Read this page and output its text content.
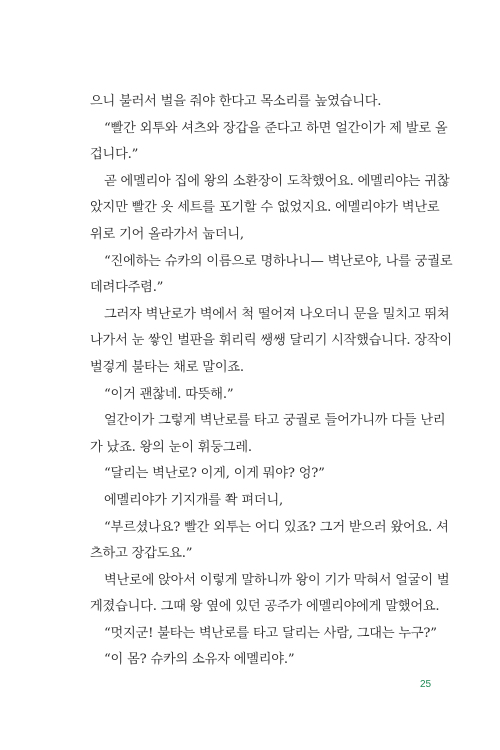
으니 불러서 벌을 줘야 한다고 목소리를 높였습니다.
“빨간 외투와 셔츠와 장갑을 준다고 하면 얼간이가 제 발로 올
겁니다.”
곧 에멜리아 집에 왕의 소환장이 도착했어요. 에멜리야는 귀찮
았지만 빨간 옷 세트를 포기할 수 없었지요. 에멜리야가 벽난로
위로 기어 올라가서 눕더니,
“진에하는 슈카의 이름으로 명하나니— 벽난로야, 나를 궁궐로
데려다주렴.”
그러자 벽난로가 벽에서 척 떨어져 나오더니 문을 밀치고 뛰쳐
나가서 눈 쌓인 벌판을 휘리릭 쌩쌩 달리기 시작했습니다. 장작이
벌겋게 불타는 채로 말이죠.
“이거 괜찮네. 따뜻해.”
얼간이가 그렇게 벽난로를 타고 궁궐로 들어가니까 다들 난리
가 났죠. 왕의 눈이 휘둥그레.
“달리는 벽난로? 이게, 이게 뭐야? 엉?”
에멜리야가 기지개를 쫙 펴더니,
“부르셨나요? 빨간 외투는 어디 있죠? 그거 받으러 왔어요. 셔
츠하고 장갑도요.”
벽난로에 앉아서 이렇게 말하니까 왕이 기가 막혀서 얼굴이 벌
게졌습니다. 그때 왕 옆에 있던 공주가 에멜리야에게 말했어요.
“멋지군! 불타는 벽난로를 타고 달리는 사람, 그대는 누구?”
“이 몸? 슈카의 소유자 에멜리야.”
25
